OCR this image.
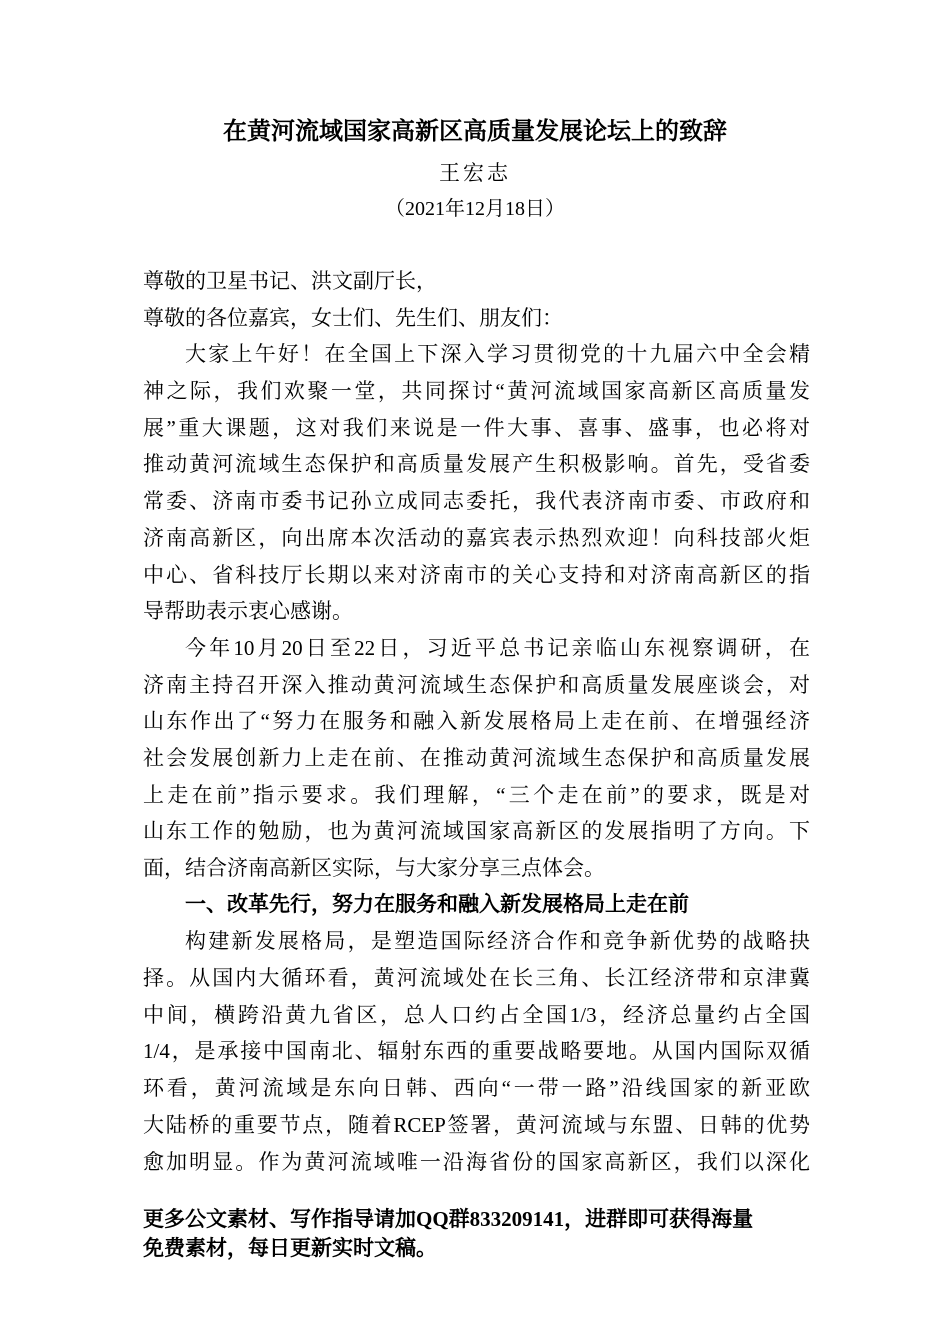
在黄河流域国家高新区高质量发展论坛上的致辞
王宏志
（2021年12月18日）
尊敬的卫星书记、洪文副厅长，
尊敬的各位嘉宾，女士们、先生们、朋友们：
大家上午好！在全国上下深入学习贯彻党的十九届六中全会精
神之际，我们欢聚一堂，共同探讨“黄河流域国家高新区高质量发
展”重大课题，这对我们来说是一件大事、喜事、盛事，也必将对
推动黄河流域生态保护和高质量发展产生积极影响。首先，受省委
常委、济南市委书记孙立成同志委托，我代表济南市委、市政府和
济南高新区，向出席本次活动的嘉宾表示热烈欢迎！向科技部火炬
中心、省科技厅长期以来对济南市的关心支持和对济南高新区的指
导帮助表示衷心感谢。
今年10月20日至22日，习近平总书记亲临山东视察调研，在
济南主持召开深入推动黄河流域生态保护和高质量发展座谈会，对
山东作出了“努力在服务和融入新发展格局上走在前、在增强经济
社会发展创新力上走在前、在推动黄河流域生态保护和高质量发展
上走在前”指示要求。我们理解，“三个走在前”的要求，既是对
山东工作的勉励，也为黄河流域国家高新区的发展指明了方向。下
面，结合济南高新区实际，与大家分享三点体会。
一、改革先行，努力在服务和融入新发展格局上走在前
构建新发展格局，是塑造国际经济合作和竞争新优势的战略抉
择。从国内大循环看，黄河流域处在长三角、长江经济带和京津冀
中间，横跨沿黄九省区，总人口约占全国1/3，经济总量约占全国
1/4，是承接中国南北、辐射东西的重要战略要地。从国内国际双循
环看，黄河流域是东向日韩、西向“一带一路”沿线国家的新亚欧
大陆桥的重要节点，随着RCEP签署，黄河流域与东盟、日韩的优势
愈加明显。作为黄河流域唯一沿海省份的国家高新区，我们以深化
更多公文素材、写作指导请加QQ群833209141，进群即可获得海量
免费素材，每日更新实时文稿。
